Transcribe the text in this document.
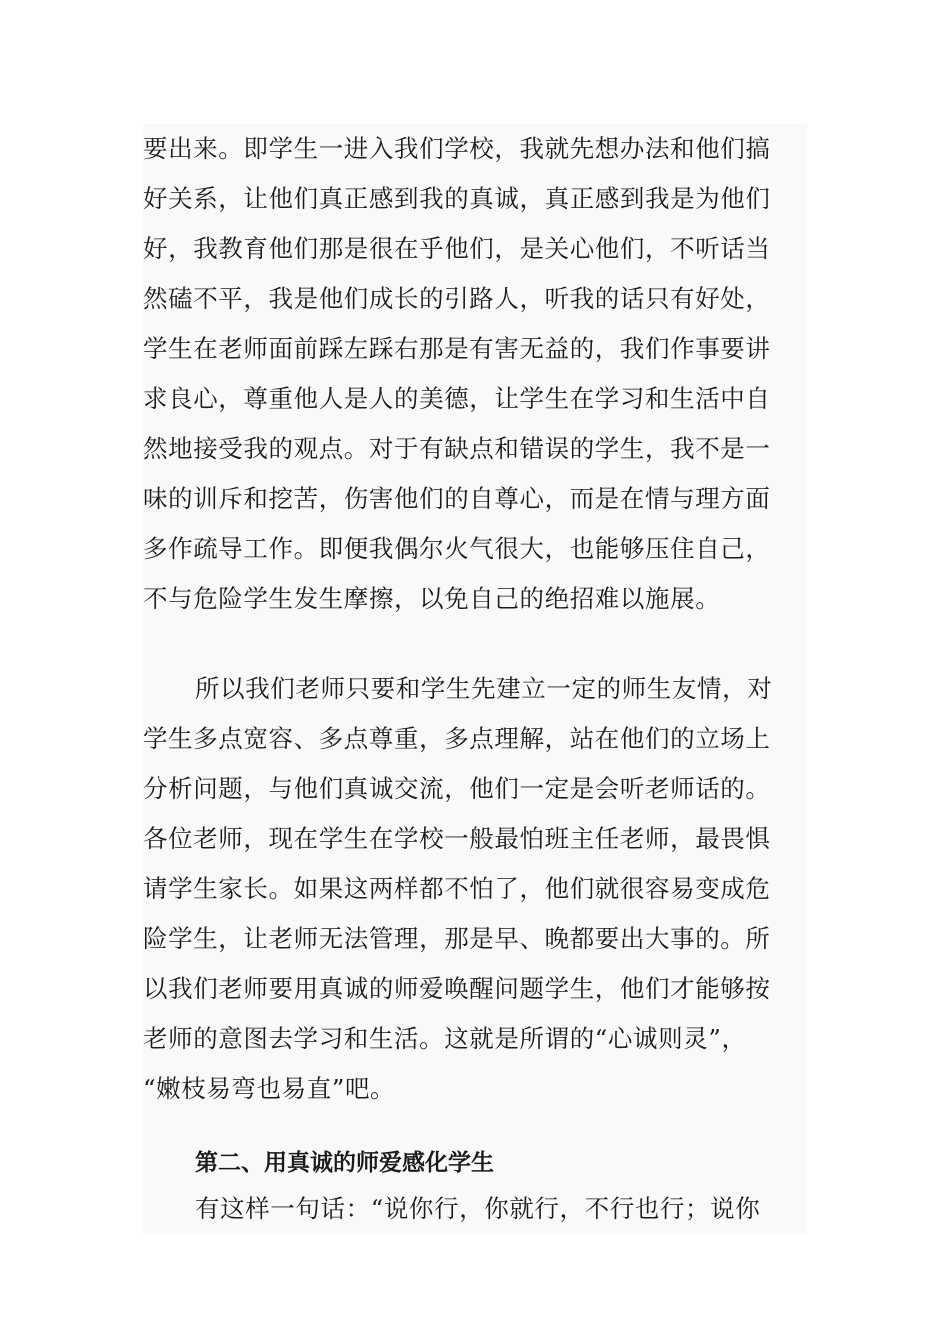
要出来。即学生一进入我们学校，我就先想办法和他们搞
好关系，让他们真正感到我的真诚，真正感到我是为他们
好，我教育他们那是很在乎他们，是关心他们，不听话当
然磕不平，我是他们成长的引路人，听我的话只有好处，
学生在老师面前踩左踩右那是有害无益的，我们作事要讲
求良心，尊重他人是人的美德，让学生在学习和生活中自
然地接受我的观点。对于有缺点和错误的学生，我不是一
味的训斥和挖苦，伤害他们的自尊心，而是在情与理方面
多作疏导工作。即便我偶尔火气很大，也能够压住自己，
不与危险学生发生摩擦，以免自己的绝招难以施展。
所以我们老师只要和学生先建立一定的师生友情，对
学生多点宽容、多点尊重，多点理解，站在他们的立场上
分析问题，与他们真诚交流，他们一定是会听老师话的。
各位老师，现在学生在学校一般最怕班主任老师，最畏惧
请学生家长。如果这两样都不怕了，他们就很容易变成危
险学生，让老师无法管理，那是早、晚都要出大事的。所
以我们老师要用真诚的师爱唤醒问题学生，他们才能够按
老师的意图去学习和生活。这就是所谓的“心诚则灵”，
“嫩枝易弯也易直”吧。
第二、用真诚的师爱感化学生
有这样一句话：“说你行，你就行，不行也行；说你
